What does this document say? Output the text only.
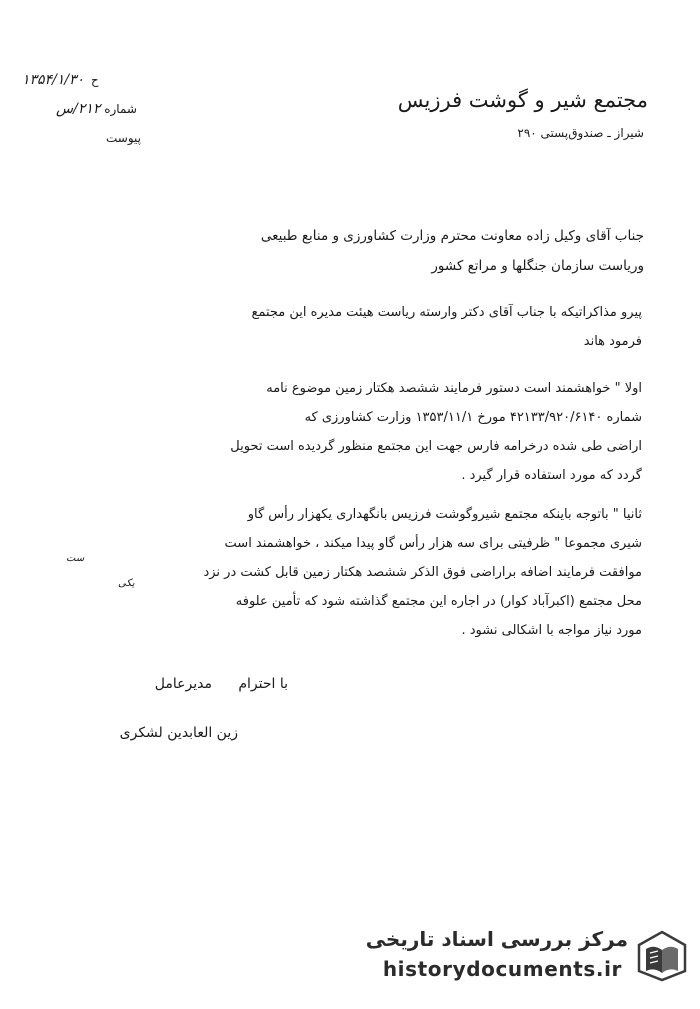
مجتمع شیر و گوشت فرزیس
شیراز ـ صندوق‌پستی ۲۹۰
ح ۱۳۵۴/۱/۳۰
شماره ۲۱۲/س
پیوست
جناب آقای وکیل زاده معاونت محترم وزارت کشاورزی و منابع طبیعی
وریاست سازمان جنگلها و مراتع کشور
پیرو مذاکراتیکه با جناب آقای دکتر وارسته ریاست هیئت مدیره این مجتمع
فرمود هاند
اولا " خواهشمند است دستور فرمایند ششصد هکتار زمین موضوع نامه
شماره ۴۲۱۳۳/۹۲۰/۶۱۴۰ مورخ ۱۳۵۳/۱۱/۱ وزارت کشاورزی که
اراضی طی شده درخرامه فارس جهت این مجتمع منظور گردیده است تحویل
گردد که مورد استفاده قرار گیرد .
ثانیا " باتوجه باینکه مجتمع شیروگوشت فرزیس بانگهداری یکهزار رأس گاو
شیری مجموعا " ظرفیتی برای سه هزار رأس گاو پیدا میکند ، خواهشمند است
ست
موافقت فرمایند اضافه براراضی فوق الذکر ششصد هکتار زمین قابل کشت در نزد
یکی
محل مجتمع (اکبرآباد کوار) در اجاره این مجتمع گذاشته شود که تأمین علوفه
مورد نیاز مواجه با اشکالی نشود .
با احترام
مدیرعامل
زین العابدین لشکری
مرکز بررسی اسناد تاریخی
historydocuments.ir
